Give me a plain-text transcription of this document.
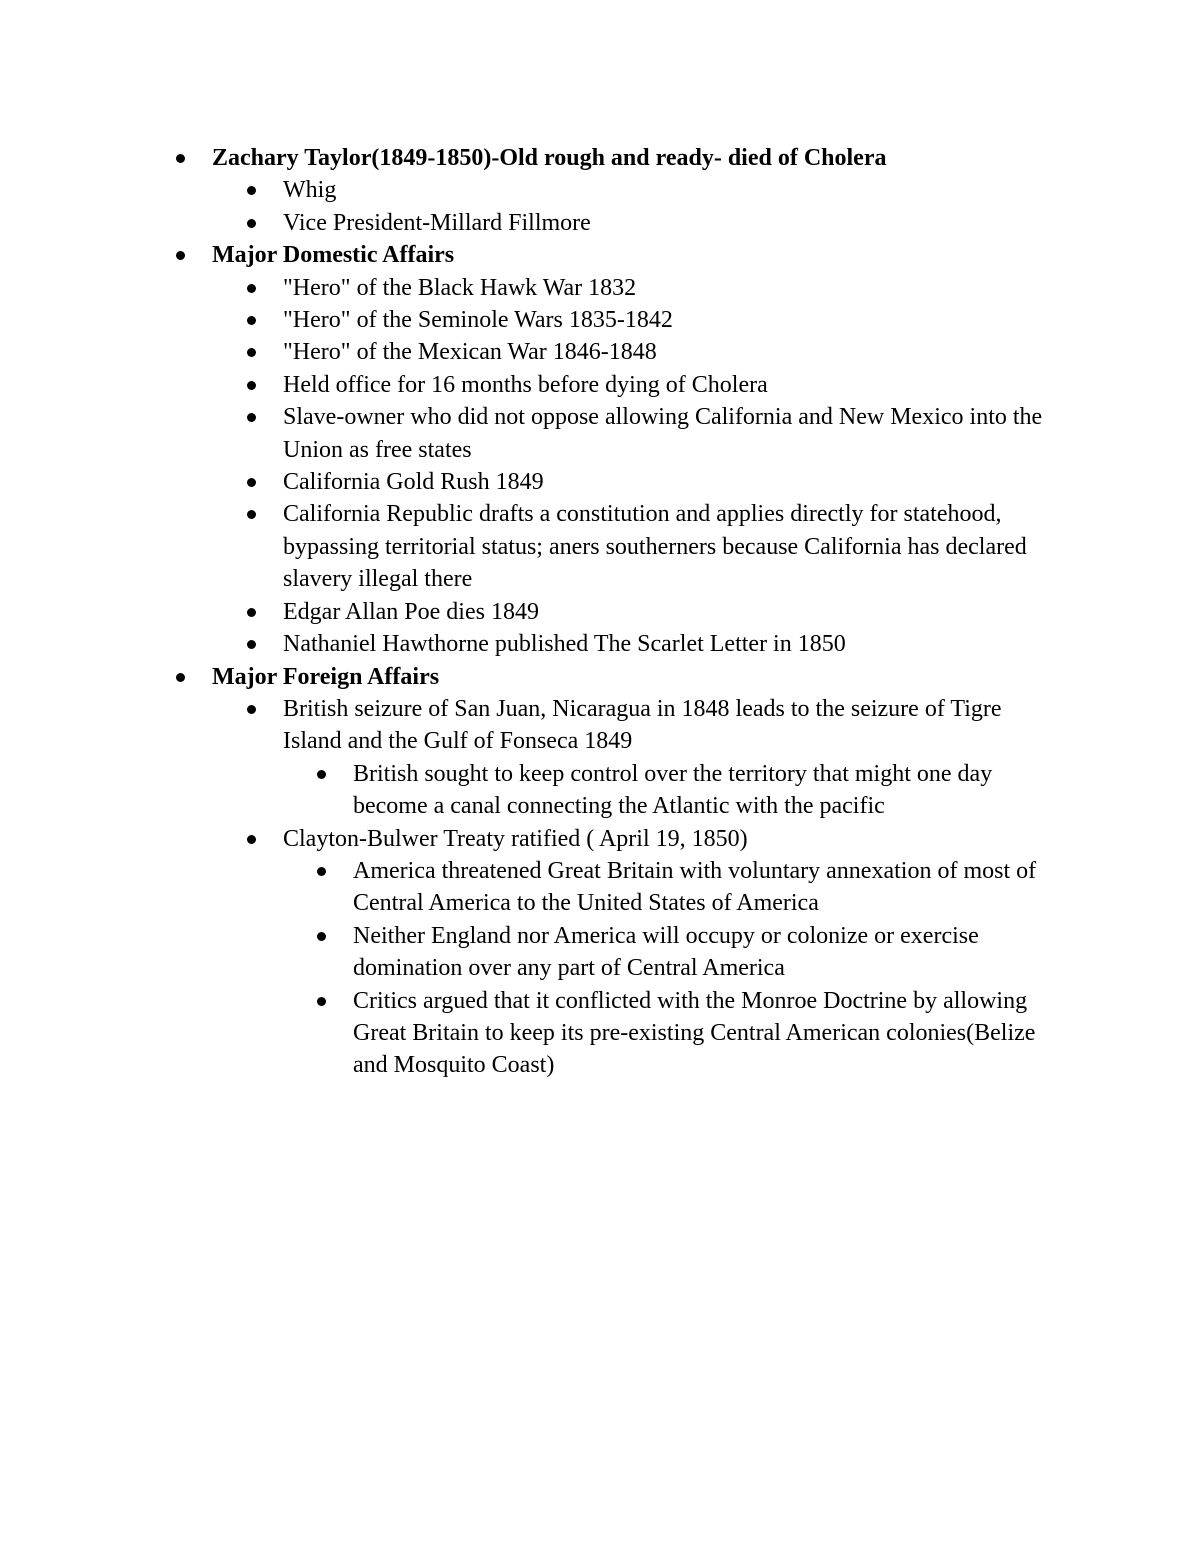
Zachary Taylor(1849-1850)-Old rough and ready- died of Cholera
Whig
Vice President-Millard Fillmore
Major Domestic Affairs
"Hero" of the Black Hawk War 1832
"Hero" of the Seminole Wars 1835-1842
"Hero" of the Mexican War 1846-1848
Held office for 16 months before dying of Cholera
Slave-owner who did not oppose allowing California and New Mexico into the Union as free states
California Gold Rush 1849
California Republic drafts a constitution and applies directly for statehood, bypassing territorial status; aners southerners because California has declared slavery illegal there
Edgar Allan Poe dies 1849
Nathaniel Hawthorne published The Scarlet Letter in 1850
Major Foreign Affairs
British seizure of San Juan, Nicaragua in 1848 leads to the seizure of Tigre Island and the Gulf of Fonseca 1849
British sought to keep control over the territory that might one day become a canal connecting the Atlantic with the pacific
Clayton-Bulwer Treaty ratified ( April 19, 1850)
America threatened Great Britain with voluntary annexation of most of Central America to the United States of America
Neither England nor America will occupy or colonize or exercise domination over any part of Central America
Critics argued that it conflicted with the Monroe Doctrine by allowing Great Britain to keep its pre-existing Central American colonies(Belize and Mosquito Coast)
